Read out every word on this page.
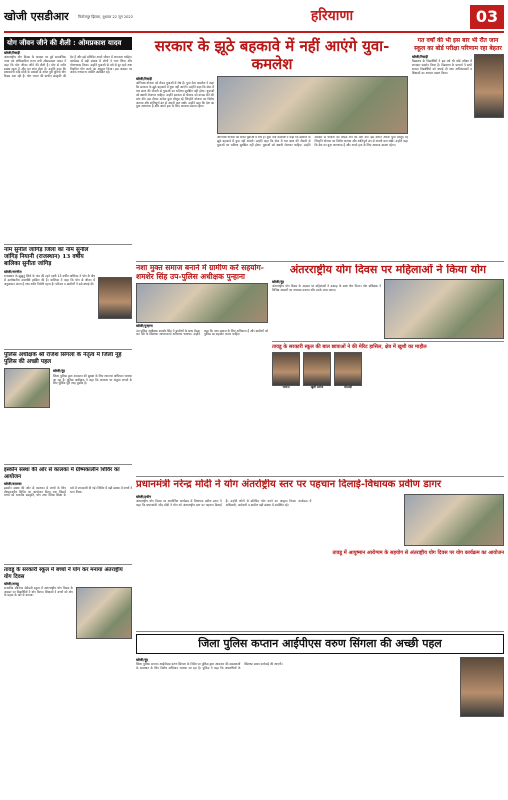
खोजी एसडीआर	फिरोजपुर झिरका, बुधवार 22 जून 2022	हरियाणा	03
योग जीवन जीने की शैली : ओमप्रकाश यादव
खोजी/रिवाड़ी
अंतरराष्ट्रीय योग दिवस के अवसर पर पूर्व सामाजिक न्याय एवं अधिकारिता राज्य मंत्री ओमप्रकाश यादव ने कहा कि योग जीवन जीने की शैली है। योग से शरीर स्वस्थ रहता है और मन शांत होता है। उन्होंने कहा कि प्रधानमंत्री नरेंद्र मोदी के प्रयासों से आज पूरी दुनिया योग दिवस मना रही है। योग भारत की प्राचीन संस्कृति की देन है और इसे प्रतिदिन अपने जीवन में अपनाना चाहिए। कार्यक्रम में बड़ी संख्या में लोगों ने भाग लिया और योगाभ्यास किया। उन्होंने युवाओं से नशे से दूर रहने तथा नियमित योग करने का आह्वान किया। इस अवसर पर अनेक गणमान्य व्यक्ति उपस्थित रहे।
नाम सुनील जांगिड़ जिला का नाम सुनील जांगिड़ नियानी (राजस्थान) 13 वर्षीय बालिका सुनीता जांगिड़
खोजी/नारनौल
राजस्थान के झुंझुनूं जिले के गांव की रहने वाली 13 वर्षीय बालिका ने योग के क्षेत्र में उल्लेखनीय उपलब्धि हासिल की है। बालिका ने कहा कि योग से जीवन में अनुशासन आता है तथा शरीर निरोगी रहता है। परिवार व ग्रामीणों ने उसे बधाई दी।
पुलिस अधीक्षक श्री राजेश सिंगला के नेतृत्व में जिला नूंह पुलिस की अच्छी पहल
खोजी/नूंह
जिला पुलिस द्वारा आमजन की सुरक्षा के लिए लगातार अभियान चलाया जा रहा है। पुलिस अधीक्षक ने कहा कि अपराध पर अंकुश लगाने के लिए पुलिस पूरी तरह मुस्तैद है।
इस्कॉन संस्था की ओर से कालका में ग्रीष्मकालीन शिविर का आयोजन
खोजी/कालका
इस्कॉन संस्था की ओर से कालका में बच्चों के लिए ग्रीष्मकालीन शिविर का आयोजन किया गया जिसमें बच्चों को भारतीय संस्कृति, योग तथा नैतिक शिक्षा के बारे में जानकारी दी गई। शिविर में बड़ी संख्या में बच्चों ने भाग लिया।
तावडू के सरकारी स्कूल में बच्चों ने योग कर मनाया अंतराष्ट्रीय योग दिवस
खोजी/तावडू
राजकीय सीनियर सेकेंडरी स्कूल में अंतरराष्ट्रीय योग दिवस के अवसर पर विद्यार्थियों ने योग किया। शिक्षकों ने बच्चों को योग के महत्व के बारे में बताया।
सरकार के झूठे बहकावे में नहीं आएंगे युवा-कमलेश
खोजी/रिवाड़ी
अग्निपथ योजना को लेकर युवाओं में रोष है। युवा नेता कमलेश ने कहा कि सरकार के झूठे बहकावे में युवा नहीं आएंगे। उन्होंने कहा कि सेना में चार साल की नौकरी से युवाओं का भविष्य सुरक्षित नहीं होगा। युवाओं को स्थायी रोजगार चाहिए। उन्होंने सरकार से योजना को वापस लेने की मांग की। इस दौरान अनेक युवा मौजूद रहे जिन्होंने योजना का विरोध जताया और शांतिपूर्ण ढंग से अपनी बात रखी। उन्होंने कहा कि देश का युवा जागरूक है और अपने हक के लिए आवाज उठाता रहेगा।
अग्निपथ योजना को लेकर युवाओं में रोष है। युवा नेता कमलेश ने कहा कि सरकार के झूठे बहकावे में युवा नहीं आएंगे। उन्होंने कहा कि सेना में चार साल की नौकरी से युवाओं का भविष्य सुरक्षित नहीं होगा। युवाओं को स्थायी रोजगार चाहिए। उन्होंने सरकार से योजना को वापस लेने की मांग की। इस दौरान अनेक युवा मौजूद रहे जिन्होंने योजना का विरोध जताया और शांतिपूर्ण ढंग से अपनी बात रखी। उन्होंने कहा कि देश का युवा जागरूक है और अपने हक के लिए आवाज उठाता रहेगा।
गत वर्षों की भी इस बार भी रौंत जान स्कूल का बोर्ड परीक्षा परिणाम रहा बेहतर
खोजी/रिवाड़ी
विद्यालय के विद्यार्थियों ने इस वर्ष भी बोर्ड परीक्षा में शानदार प्रदर्शन किया है। विद्यालय के प्राचार्य ने सभी सफल विद्यार्थियों को बधाई दी तथा अभिभावकों व शिक्षकों का आभार व्यक्त किया।
नशा मुक्त समाज बनाने में ग्रामीण करें सहयोग-शमशेर सिंह उप-पुलिस अधीक्षक पुन्हाना
खोजी/पुन्हाना
उप पुलिस अधीक्षक शमशेर सिंह ने ग्रामीणों के साथ बैठक कर नशे के खिलाफ जागरूकता अभियान चलाया। उन्होंने कहा कि नशा समाज के लिए अभिशाप है और ग्रामीणों को पुलिस का सहयोग करना चाहिए।
अंतरराष्ट्रीय योग दिवस पर महिलाओं ने किया योग
खोजी/नूंह
अंतरराष्ट्रीय योग दिवस के अवसर पर महिलाओं ने उत्साह के साथ योग किया। योग प्रशिक्षक ने विभिन्न आसनों का अभ्यास कराया और उनके लाभ बताए।
तावडू के सरकारी स्कूल की बाल छात्राओं ने की मेरिट हासिल, क्षेत्र में खुशी का माहौल
भावना	खुशी सरोज	मीनाक्षी
प्रधानमंत्री नरेन्द्र मोदी ने योग अंतर्राष्ट्रीय स्तर पर पहचान दिलाई-विधायक प्रवीण डागर
खोजी/हथीन
अंतरराष्ट्रीय योग दिवस पर आयोजित कार्यक्रम में विधायक प्रवीण डागर ने कहा कि प्रधानमंत्री नरेंद्र मोदी ने योग को अंतरराष्ट्रीय स्तर पर पहचान दिलाई है। उन्होंने लोगों से प्रतिदिन योग करने का आह्वान किया। कार्यक्रम में अधिकारी, कर्मचारी व ग्रामीण बड़ी संख्या में उपस्थित रहे।
तावडू में आयुष्मान आरोग्यम के सहयोग से अंतराष्ट्रीय योग दिवस पर योग कार्यक्रम का आयोजन
जिला पुलिस कप्तान आईपीएस वरुण सिंगला की अच्छी पहल
खोजी/नूंह
जिला पुलिस कप्तान आईपीएस वरुण सिंगला के निर्देश पर पुलिस द्वारा आमजन की समस्याओं के समाधान के लिए विशेष अभियान चलाया जा रहा है। पुलिस ने कहा कि अपराधियों के खिलाफ सख्त कार्रवाई की जाएगी।
